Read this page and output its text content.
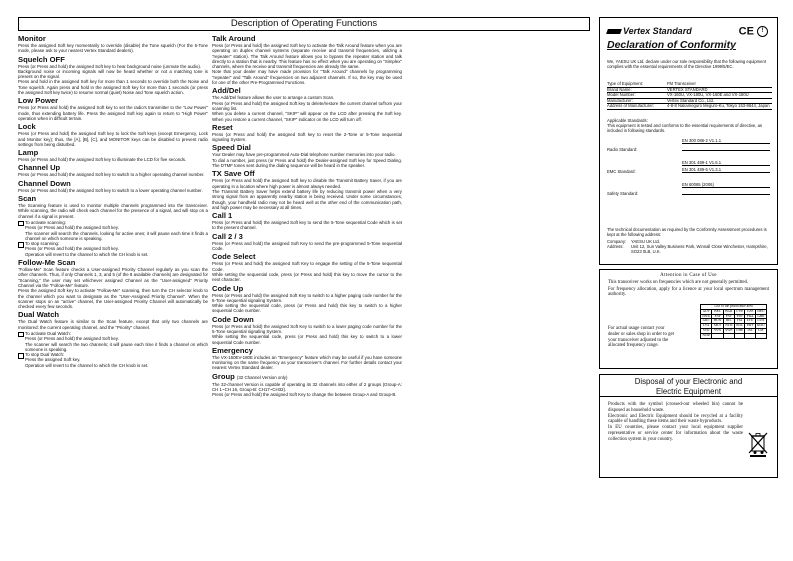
Description of Operating Functions
Monitor

Press the assigned Soft key momentarily to override (disable) the Tone squelch (For the 5-Tone mode, please ask to your nearest Vertex Standard dealers).

Squelch OFF

Press (or Press and hold) the assigned Soft key to hear background noise (unmute the audio).
Background noise or incoming signals will now be heard whether or not a matching tone is present on the signal.
Press and hold in the assigned Soft key for more than 1 seconds to override both the Noise and Tone squelch. Again press and hold in the assigned Soft key for more than 1 seconds (or press the assigned Soft key twice) to resume normal (quiet) Noise and Tone squelch action.

Low Power

Press (or Press and hold) the assigned Soft key to set the radio's transmitter to the "Low Power" mode, thus extending battery life. Press the assigned Soft key again to return to "High Power" operation when in difficult terrain.

Lock

Press (or Press and hold) the assigned Soft key to lock the Soft keys (except Emergency, Lock and Monitor key); thus, the [A], [B], [C], and MONITOR keys can be disabled to prevent radio settings from being disturbed.

Lamp

Press (or Press and hold) the assigned Soft key to illuminate the LCD for five seconds.

Channel Up

Press (or Press and hold) the assigned Soft key to switch to a higher operating channel number.

Channel Down

Press (or Press and hold) the assigned Soft key to switch to a lower operating channel number.

Scan

The Scanning feature is used to monitor multiple channels programmed into the transceiver. While scanning, the radio will check each channel for the presence of a signal, and will stop on a channel if a signal is present.

To activate scanning:

Press (or Press and hold) the assigned Soft key.
The scanner will search the channels, looking for active ones; it will pause each time it finds a channel on which someone is speaking.

To stop scanning:

Press (or Press and hold) the assigned Soft key.
Operation will revert to the channel to which the CH knob is set.

Follow-Me Scan

"Follow-Me" Scan feature checks a User-assigned Priority Channel regularly as you scan the other channels. Thus, if only Channels 1, 3, and 5 (of the 8 available channels) are designated for "Scanning," the user may set whichever assigned Channel as the "User-assigned" Priority Channel via the "Follow-Me" feature.
Press the assigned Soft key to activate "Follow-Me" scanning, then turn the CH selector knob to the channel which you want to designate as the "User-Assigned Priority Channel". When the scanner stops on an "active" channel, the User-assigned Priority Channel will automatically be checked every few seconds.

Dual Watch

The Dual Watch feature is similar to the Scan feature, except that only two channels are monitored: the current operating channel, and the "Priority" channel.

To activate Dual Watch:

Press (or Press and hold) the assigned Soft key.
The scanner will search the two channels; it will pause each time it finds a channel on which someone is speaking.

To stop Dual Watch:

Press the assigned Soft key.
Operation will revert to the channel to which the CH knob is set.

Talk Around

Press (or Press and hold) the assigned Soft key to activate the Talk Around feature when you are operating on duplex channel systems (separate receive and transmit frequencies, utilizing a "repeater" station). The Talk Around feature allows you to bypass the repeater station and talk directly to a station that is nearby. This feature has no effect when you are operating on "Simplex" channels, where the receive and transmit frequencies are already the same.
Note that your dealer may have made provision for "Talk Around" channels by programming "repeater" and "Talk Around" frequencies on two adjacent channels. If so, the key may be used for one of the other Pre-Programmed Functions.

Add/Del

The Add/Del feature allows the user to arrange a custom Scan.
Press (or Press and hold) the assigned Soft key to delete/restore the current channel to/from your scanning list.
When you delete a current channel, "SKIP" will appear on the LCD after pressing the Soft key. When you restore a current channel, "SKIP" indicator on the LCD will turn off.

Reset

Press (or Press and hold) the assigned Soft key to reset the 2-Tone or 5-Tone sequential signaling System.

Speed Dial

Your Dealer may have pre-programmed Auto-Dial telephone number memories into your radio.
To dial a number, just press (or Press and hold) the Dealer-assigned Soft key for Speed Dialing. The DTMF tones sent during the dialing sequence will be heard in the speaker.

TX Save Off

Press (or Press and hold) the assigned Soft key to disable the Transmit Battery Saver, if you are operating in a location where high power is almost always needed.
The Transmit Battery Saver helps extend battery life by reducing transmit power when a very strong signal from an apparently nearby station is being received. Under some circumstances, though, your handheld radio may not be heard well at the other end of the communication path, and high power may be necessary at all times.

Call 1

Press (or Press and hold) the assigned Soft key to send the 5-Tone sequential Code which is set to the present channel.

Call 2 / 3

Press (or Press and hold) the assigned Soft Key to send the pre-programmed 5-Tone sequential Code.

Code Select

Press (or Press and hold) the assigned Soft Key to engage the setting of the 5-Tone sequential Code.
While setting the sequential code, press (or Press and hold) this key to move the cursor to the next character.

Code Up

Press (or Press and hold) the assigned Soft Key to switch to a higher paging code number for the 5-Tone sequential signaling System.
While setting the sequential code, press (or Press and hold) this key to switch to a higher sequential Code number.

Code Down

Press (or Press and hold) the assigned Soft Key to switch to a lower paging code number for the 5-Tone sequential signaling System.
While setting the sequential code, press (or Press and hold) this key to switch to a lower sequential Code number.

Emergency

The VX-160EV-180E includes an "Emergency" feature which may be useful if you have someone monitoring on the same frequency as your transceiver's channel. For further details contact your nearest Vertex Standard dealer.

Group (32 Channel Version only)

The 32-channel Version is capable of operating its 32 channels into either of 2 groups (Group-A: CH 1~CH 16, Group-B: CH17~CH32).
Press (or Press and hold) the assigned Soft Key to change the between Group-A and Group-B.

Vertex Standard	CE !
Declaration of Conformity
We, YAESU UK Ltd. declare under our sole responsibility that the following equipment complies with the essential requirements of the Directive 1999/5/EC.
Type of Equipment:	FM Transceiver
Brand Name:	VERTEX STANDARD
Model Number:	VX-160U, VX-180U, VX-160E and VX-180U
Manufacturer:	Vertex Standard Co., Ltd.
Address of Manufacturer:	4-8-8 Nakameguro Meguro-Ku, Tokyo 153-8644, Japan
Applicable Standards:
This equipment is tested and conforms to the essential requirements of directive, as included in following standards.
Radio Standard:
EN 300 086-2 V1.1.1
EMC Standard:
EN 301 489-1 V1.6.1
EN 301 489-5 V1.3.1
Safety Standard:
EN 60065 (2006)
The technical documentation as required by the Conformity Assessment procedures is kept at the following address:
Company:	YAESU UK Ltd.
Address:	Unit 12, Sun Valley Business Park, Winnall Close Winchester, Hampshire, SO23 0LB, U.K.
Attention in Case of Use
This transceiver works on frequencies which are not generally permitted.
For frequency allocation, apply for a licence at your local spectrum management authority.
For actual usage contact your dealer or sales shop in order to get your transceiver adjusted to the allocated frequency range.
List of the practicable area					
AUT	BEL	BGR	CYP	CZE	DEU
DNK	ESP	EST	FIN	FRA	GBR
GRC	HUN	IRL	ITA	LTU	LUX
LVA	MLT	NLD	POL	PRT	ROU
SVK	SVN	SWE	CHE	ISL	LIE
NOR					
Disposal of your Electronic and
Electric Equipment
Products with the symbol (crossed-out wheeled bin) cannot be disposed as household waste.
Electronic and Electric Equipment should be recycled at a facility capable of handling these items and their waste byproducts.
In EU countries, please contact your local equipment supplier representative or service center for information about the waste collection system in your country.
